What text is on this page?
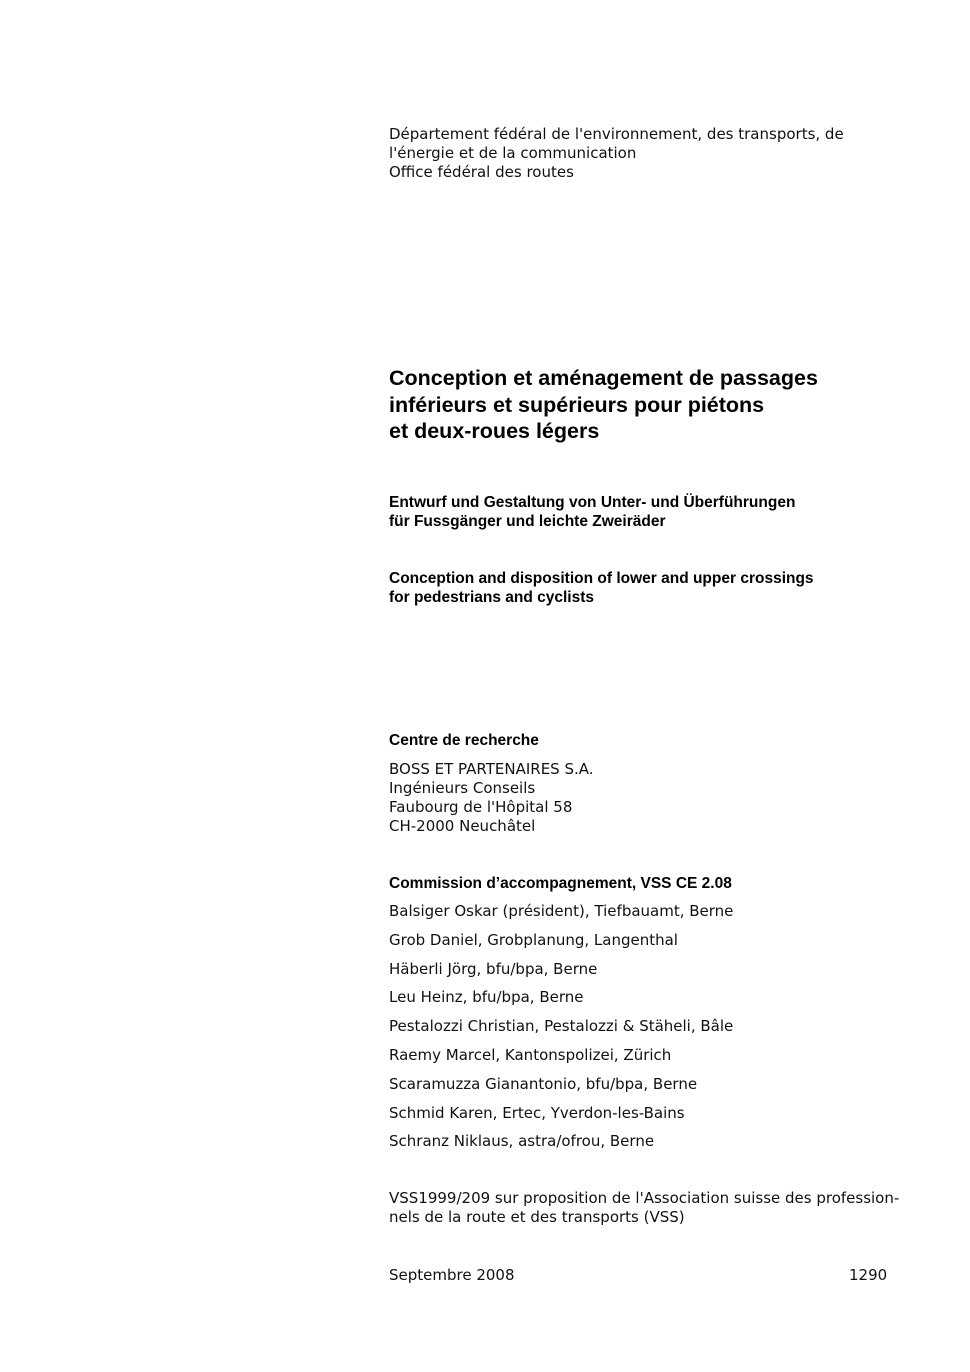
Département fédéral de l'environnement, des transports, de
l'énergie et de la communication
Office fédéral des routes
Conception et aménagement de passages
inférieurs et supérieurs pour piétons
et deux-roues légers
Entwurf und Gestaltung von Unter- und Überführungen
für Fussgänger und leichte Zweiräder
Conception and disposition of lower and upper crossings
for pedestrians and cyclists
Centre de recherche
BOSS ET PARTENAIRES S.A.
Ingénieurs Conseils
Faubourg de l'Hôpital 58
CH-2000 Neuchâtel
Commission d’accompagnement, VSS CE 2.08
Balsiger Oskar (président), Tiefbauamt, Berne
Grob Daniel, Grobplanung, Langenthal
Häberli Jörg, bfu/bpa, Berne
Leu Heinz, bfu/bpa, Berne
Pestalozzi Christian, Pestalozzi & Stäheli, Bâle
Raemy Marcel, Kantonspolizei, Zürich
Scaramuzza Gianantonio, bfu/bpa, Berne
Schmid Karen, Ertec, Yverdon-les-Bains
Schranz Niklaus, astra/ofrou, Berne
VSS1999/209 sur proposition de l'Association suisse des profession-
nels de la route et des transports (VSS)
Septembre 2008	1290
